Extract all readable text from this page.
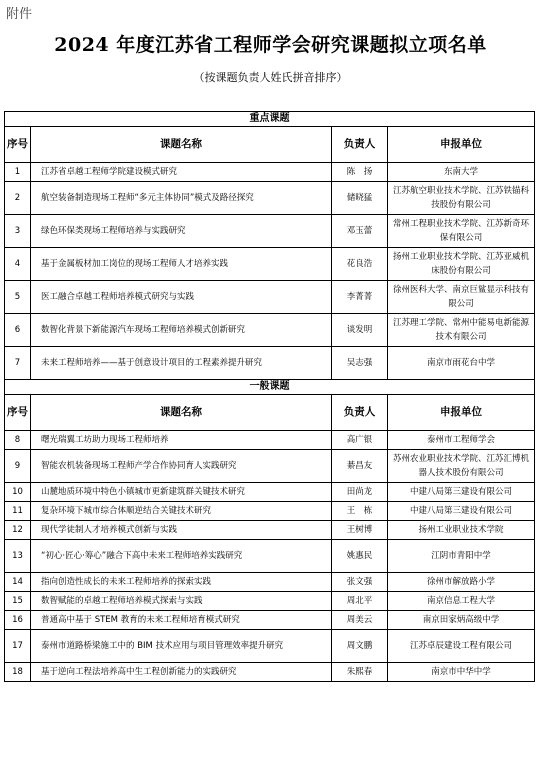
附件
2024 年度江苏省工程师学会研究课题拟立项名单
（按课题负责人姓氏拼音排序）
重点课题			
序号	课题名称	负责人	申报单位
1	江苏省卓越工程师学院建设模式研究	陈　扬	东南大学
2	航空装备制造现场工程师“多元主体协同”模式及路径探究	储晓猛	江苏航空职业技术学院、江苏铁锚科技股份有限公司
3	绿色环保类现场工程师培养与实践研究	邓玉蕾	常州工程职业技术学院、江苏新奇环保有限公司
4	基于金属板材加工岗位的现场工程师人才培养实践	花良浩	扬州工业职业技术学院、江苏亚威机床股份有限公司
5	医工融合卓越工程师培养模式研究与实践	李菁菁	徐州医科大学、南京巨鲨显示科技有限公司
6	数智化背景下新能源汽车现场工程师培养模式创新研究	谈发明	江苏理工学院、常州中能易电新能源技术有限公司
7	未来工程师培养——基于创意设计项目的工程素养提升研究	吴志强	南京市雨花台中学
一般课题			
序号	课题名称	负责人	申报单位
8	曙光瑞翼工坊助力现场工程师培养	高广银	泰州市工程师学会
9	智能农机装备现场工程师产学合作协同育人实践研究	綦昌友	苏州农业职业技术学院、江苏汇博机器人技术股份有限公司
10	山麓地质环境中特色小镇城市更新建筑群关键技术研究	田尚龙	中建八局第三建设有限公司
11	复杂环境下城市综合体顺逆结合关键技术研究	王　栋	中建八局第三建设有限公司
12	现代学徒制人才培养模式创新与实践	王树博	扬州工业职业技术学院
13	“初心·匠心·筹心”融合下高中未来工程师培养实践研究	姚惠民	江阴市青阳中学
14	指向创造性成长的未来工程师培养的探索实践	张文强	徐州市解放路小学
15	数智赋能的卓越工程师培养模式探索与实践	周北平	南京信息工程大学
16	普通高中基于 STEM 教育的未来工程师培育模式研究	周美云	南京田家炳高级中学
17	泰州市道路桥梁施工中的 BIM 技术应用与项目管理效率提升研究	周文鹏	江苏卓辰建设工程有限公司
18	基于逆向工程法培养高中生工程创新能力的实践研究	朱熙春	南京市中华中学
